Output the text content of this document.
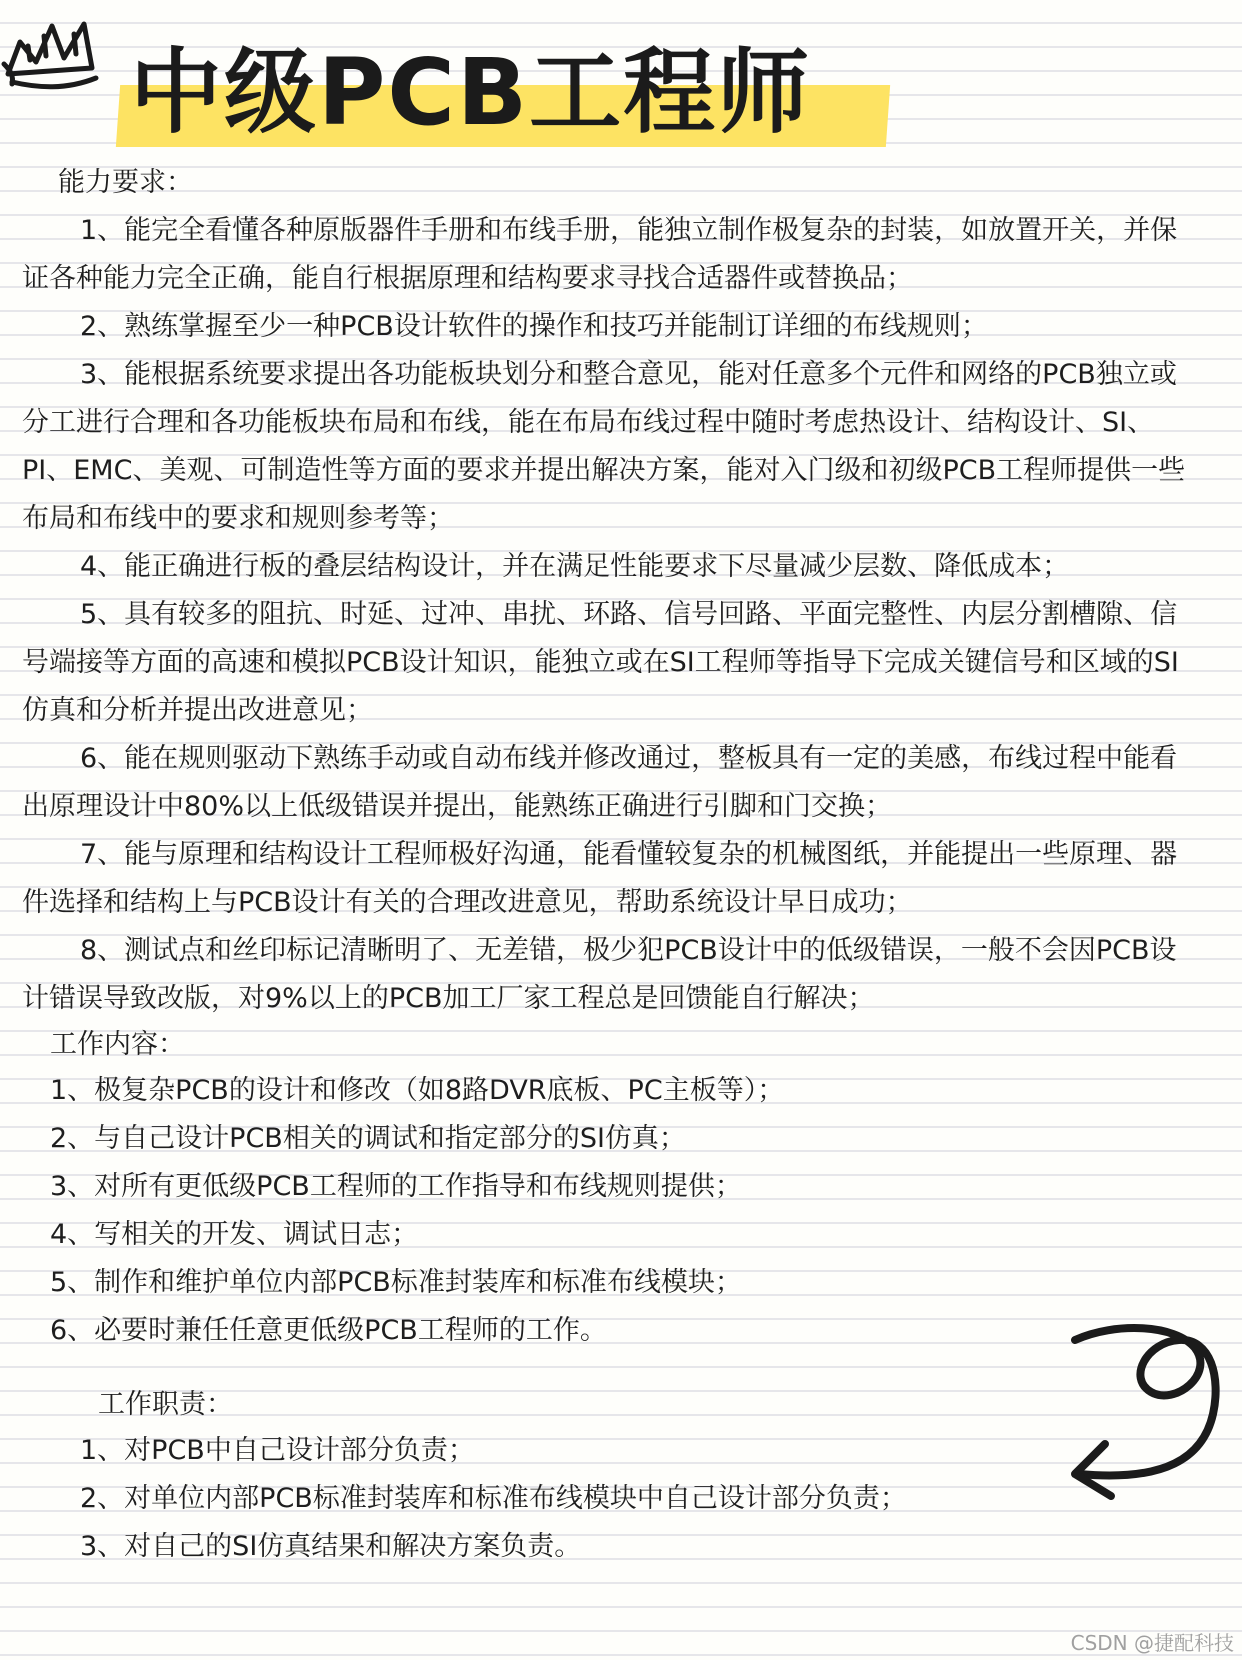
中级PCB工程师
能力要求：

1、能完全看懂各种原版器件手册和布线手册，能独立制作极复杂的封装，如放置开关，并保证各种能力完全正确，能自行根据原理和结构要求寻找合适器件或替换品；

2、熟练掌握至少一种PCB设计软件的操作和技巧并能制订详细的布线规则；

3、能根据系统要求提出各功能板块划分和整合意见，能对任意多个元件和网络的PCB独立或分工进行合理和各功能板块布局和布线，能在布局布线过程中随时考虑热设计、结构设计、SI、PI、EMC、美观、可制造性等方面的要求并提出解决方案，能对入门级和初级PCB工程师提供一些布局和布线中的要求和规则参考等；

4、能正确进行板的叠层结构设计，并在满足性能要求下尽量减少层数、降低成本；

5、具有较多的阻抗、时延、过冲、串扰、环路、信号回路、平面完整性、内层分割槽隙、信号端接等方面的高速和模拟PCB设计知识，能独立或在SI工程师等指导下完成关键信号和区域的SI仿真和分析并提出改进意见；

6、能在规则驱动下熟练手动或自动布线并修改通过，整板具有一定的美感，布线过程中能看出原理设计中80%以上低级错误并提出，能熟练正确进行引脚和门交换；

7、能与原理和结构设计工程师极好沟通，能看懂较复杂的机械图纸，并能提出一些原理、器件选择和结构上与PCB设计有关的合理改进意见，帮助系统设计早日成功；

8、测试点和丝印标记清晰明了、无差错，极少犯PCB设计中的低级错误，一般不会因PCB设计错误导致改版，对9%以上的PCB加工厂家工程总是回馈能自行解决；

工作内容：
1、极复杂PCB的设计和修改（如8路DVR底板、PC主板等）；
2、与自己设计PCB相关的调试和指定部分的SI仿真；
3、对所有更低级PCB工程师的工作指导和布线规则提供；
4、写相关的开发、调试日志；
5、制作和维护单位内部PCB标准封装库和标准布线模块；
6、必要时兼任任意更低级PCB工程师的工作。
工作职责：
1、对PCB中自己设计部分负责；
2、对单位内部PCB标准封装库和标准布线模块中自己设计部分负责；
3、对自己的SI仿真结果和解决方案负责。
CSDN @捷配科技
